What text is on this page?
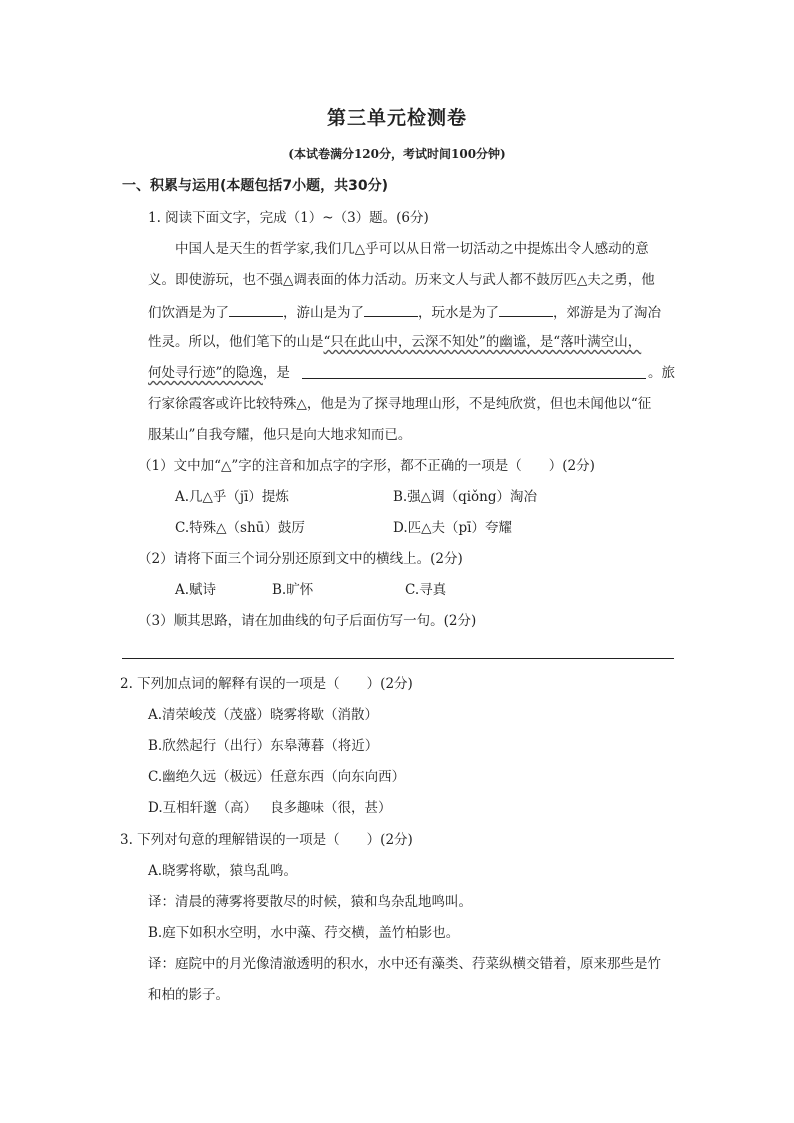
第三单元检测卷
(本试卷满分120分，考试时间100分钟)
一、积累与运用(本题包括7小题，共30分)
1. 阅读下面文字，完成（1）~（3）题。(6分)
中国人是天生的哲学家,我们几△乎可以从日常一切活动之中提炼出令人感动的意
义。即使游玩，也不强△调表面的体力活动。历来文人与武人都不鼓厉匹△夫之勇，他
们饮酒是为了	，游山是为了	，玩水是为了	，郊游是为了淘冶
性灵。所以，他们笔下的山是“只在此山中，云深不知处”的幽谧，是“落叶满空山，
何处寻行迹”的隐逸，是	。旅
行家徐霞客或许比较特殊△，他是为了探寻地理山形，不是纯欣赏，但也未闻他以“征
服某山”自我夸耀，他只是向大地求知而已。
（1）文中加“△”字的注音和加点字的字形，都不正确的一项是（　　）(2分)
A.几△乎（jī）提炼	B.强△调（qiǒng）淘冶
C.特殊△（shū）鼓厉	D.匹△夫（pī）夸耀
（2）请将下面三个词分别还原到文中的横线上。(2分)
A.赋诗	B.旷怀	C.寻真
（3）顺其思路，请在加曲线的句子后面仿写一句。(2分)
2. 下列加点词的解释有误的一项是（　　）(2分)
A.清荣峻茂（茂盛）晓雾将歇（消散）
B.欣然起行（出行）东皋薄暮（将近）
C.幽绝久远（极远）任意东西（向东向西）
D.互相轩邈（高）   良多趣味（很，甚）
3. 下列对句意的理解错误的一项是（　　）(2分)
A.晓雾将歇，猿鸟乱鸣。
译：清晨的薄雾将要散尽的时候，猿和鸟杂乱地鸣叫。
B.庭下如积水空明，水中藻、荇交横，盖竹柏影也。
译：庭院中的月光像清澈透明的积水，水中还有藻类、荇菜纵横交错着，原来那些是竹
和柏的影子。
